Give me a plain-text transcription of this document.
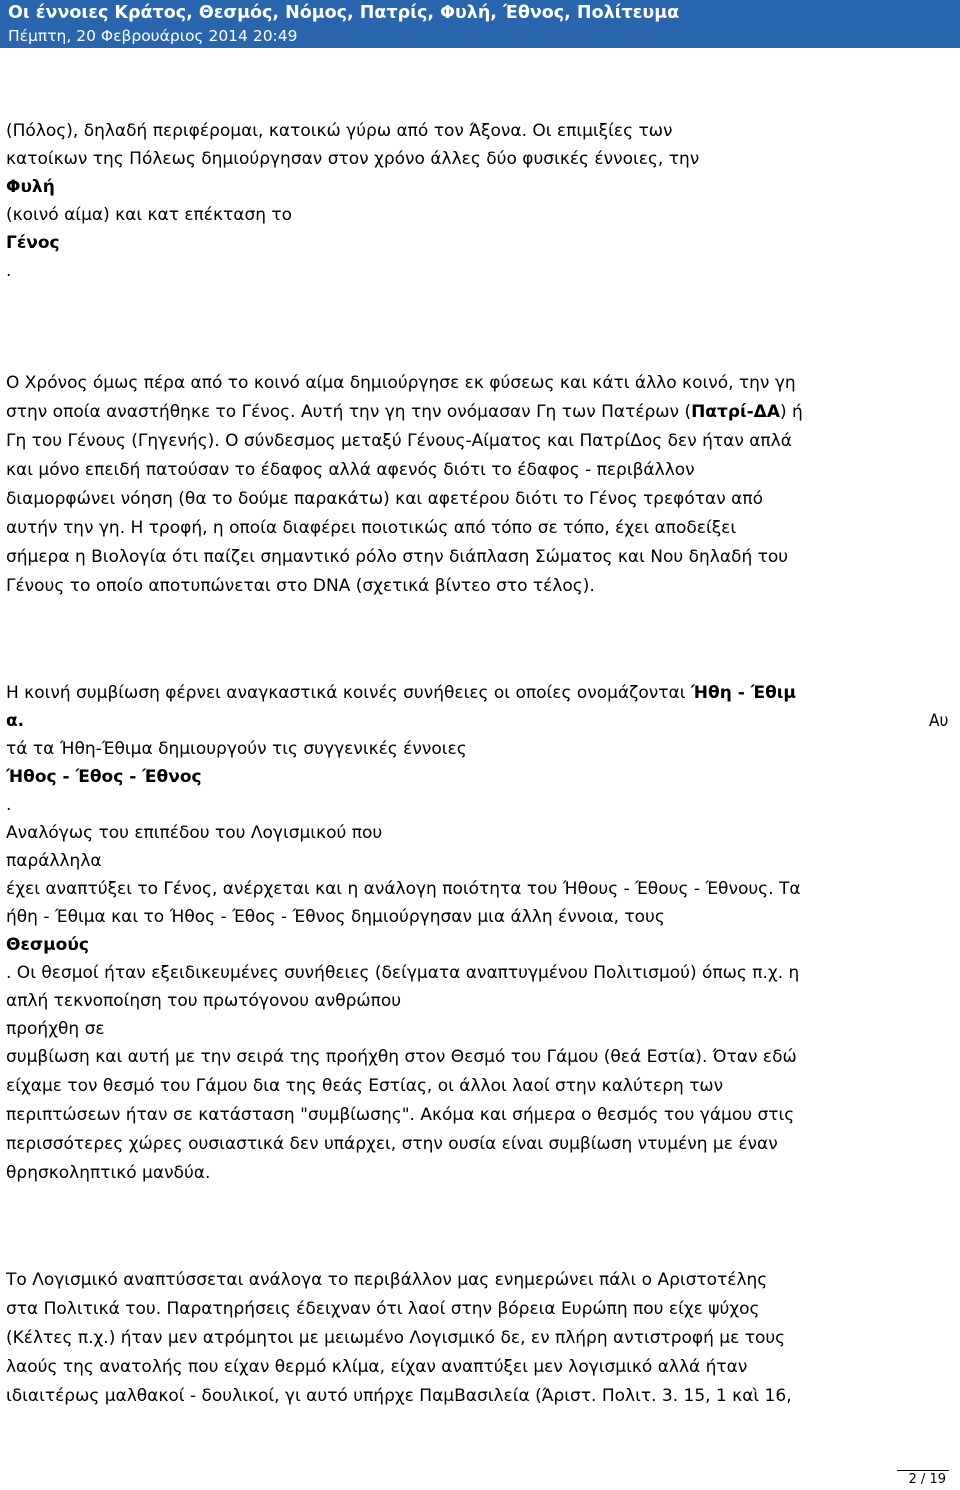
Οι έννοιες Κράτος, Θεσμός, Νόμος, Πατρίς, Φυλή, Έθνος, Πολίτευμα
Πέμπτη, 20 Φεβρουάριος 2014 20:49
(Πόλος), δηλαδή περιφέρομαι, κατοικώ γύρω από τον Άξονα. Οι επιμιξίες των
κατοίκων της Πόλεως δημιούργησαν στον χρόνο άλλες δύο φυσικές έννοιες, την
Φυλή
(κοινό αίμα) και κατ επέκταση το
Γένος
.
Ο Χρόνος όμως πέρα από το κοινό αίμα δημιούργησε εκ φύσεως και κάτι άλλο κοινό, την γη
στην οποία αναστήθηκε το Γένος. Αυτή την γη την ονόμασαν Γη των Πατέρων (Πατρί-ΔΑ) ή
Γη του Γένους (Γηγενής). Ο σύνδεσμος μεταξύ Γένους-Αίματος και ΠατρίΔος δεν ήταν απλά
και μόνο επειδή πατούσαν το έδαφος αλλά αφενός διότι το έδαφος - περιβάλλον
διαμορφώνει νόηση (θα το δούμε παρακάτω) και αφετέρου διότι το Γένος τρεφόταν από
αυτήν την γη. Η τροφή, η οποία διαφέρει ποιοτικώς από τόπο σε τόπο, έχει αποδείξει
σήμερα η Βιολογία ότι παίζει σημαντικό ρόλο στην διάπλαση Σώματος και Νου δηλαδή του
Γένους το οποίο αποτυπώνεται στο DNA (σχετικά βίντεο στο τέλος).
Η κοινή συμβίωση φέρνει αναγκαστικά κοινές συνήθειες οι οποίες ονομάζονται Ήθη - Έθιμ
α.	Αυ
τά τα Ήθη-Έθιμα δημιουργούν τις συγγενικές έννοιες
Ήθος - Έθος - Έθνος
.
Αναλόγως του επιπέδου του Λογισμικού που
παράλληλα
έχει αναπτύξει το Γένος, ανέρχεται και η ανάλογη ποιότητα του Ήθους - Έθους - Έθνους. Τα
ήθη - Έθιμα και το Ήθος - Έθος - Έθνος δημιούργησαν μια άλλη έννοια, τους
Θεσμούς
. Οι θεσμοί ήταν εξειδικευμένες συνήθειες (δείγματα αναπτυγμένου Πολιτισμού) όπως π.χ. η
απλή τεκνοποίηση του πρωτόγονου ανθρώπου
προήχθη σε
συμβίωση και αυτή με την σειρά της προήχθη στον Θεσμό του Γάμου (θεά Εστία). Όταν εδώ
είχαμε τον θεσμό του Γάμου δια της θεάς Εστίας, οι άλλοι λαοί στην καλύτερη των
περιπτώσεων ήταν σε κατάσταση "συμβίωσης". Ακόμα και σήμερα ο θεσμός του γάμου στις
περισσότερες χώρες ουσιαστικά δεν υπάρχει, στην ουσία είναι συμβίωση ντυμένη με έναν
θρησκοληπτικό μανδύα.
Το Λογισμικό αναπτύσσεται ανάλογα το περιβάλλον μας ενημερώνει πάλι ο Αριστοτέλης
στα Πολιτικά του. Παρατηρήσεις έδειχναν ότι λαοί στην βόρεια Ευρώπη που είχε ψύχος
(Κέλτες π.χ.) ήταν μεν ατρόμητοι με μειωμένο Λογισμικό δε, εν πλήρη αντιστροφή με τους
λαούς της ανατολής που είχαν θερμό κλίμα, είχαν αναπτύξει μεν λογισμικό αλλά ήταν
ιδιαιτέρως μαλθακοί - δουλικοί, γι αυτό υπήρχε ΠαμΒασιλεία (Άριστ. Πολιτ. 3. 15, 1 καὶ 16,
2 / 19
